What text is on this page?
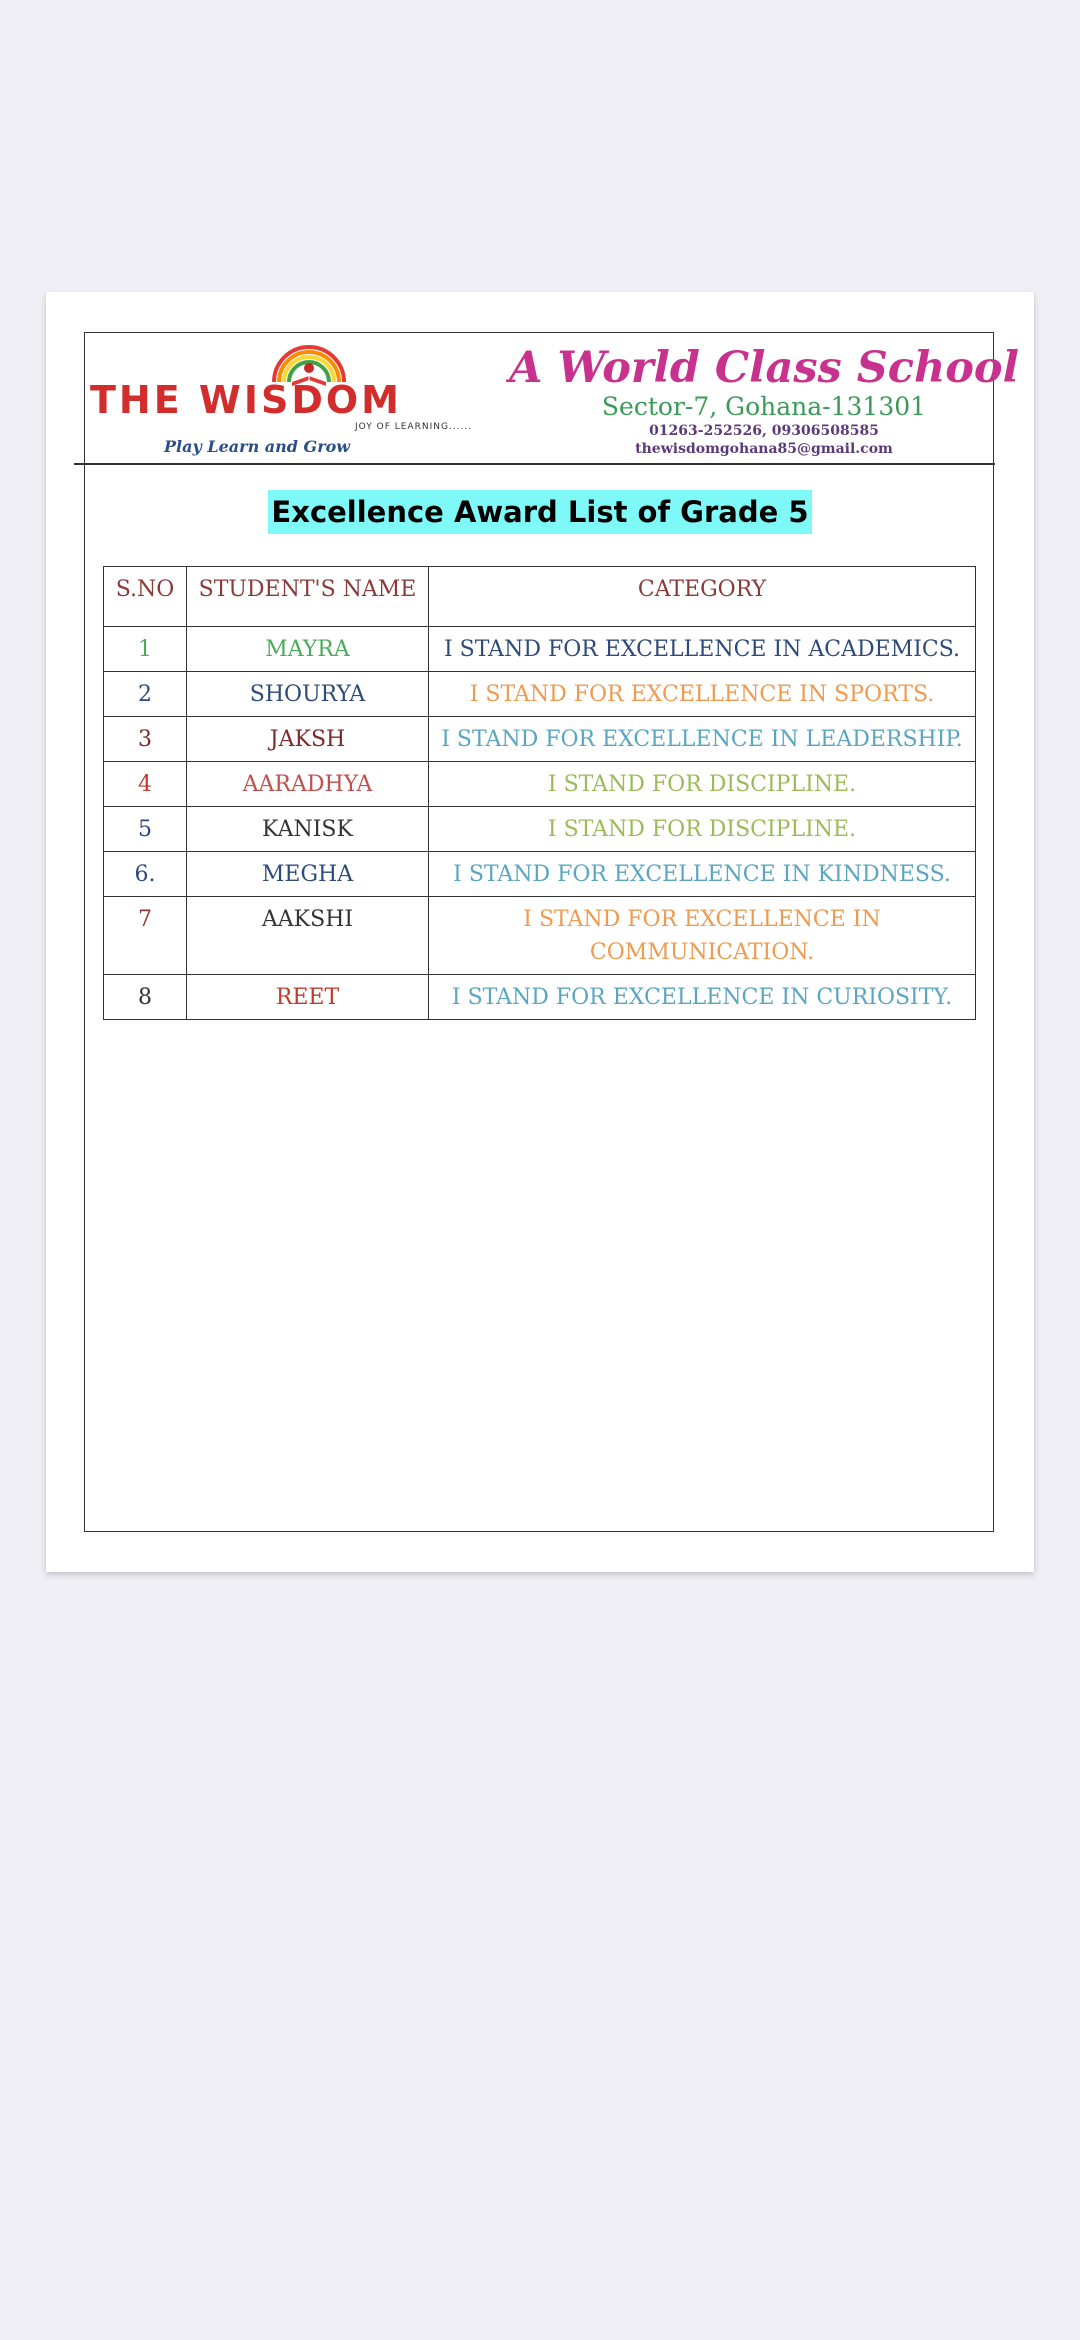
THE WISDOM
JOY OF LEARNING......
Play Learn and Grow
A World Class School
Sector-7, Gohana-131301
01263-252526, 09306508585
thewisdomgohana85@gmail.com
Excellence Award List of Grade 5
S.NO	STUDENT'S NAME	CATEGORY
1	MAYRA	I STAND FOR EXCELLENCE IN ACADEMICS.
2	SHOURYA	I STAND FOR EXCELLENCE IN SPORTS.
3	JAKSH	I STAND FOR EXCELLENCE IN LEADERSHIP.
4	AARADHYA	I STAND FOR DISCIPLINE.
5	KANISK	I STAND FOR DISCIPLINE.
6.	MEGHA	I STAND FOR EXCELLENCE IN KINDNESS.
7	AAKSHI	I STAND FOR EXCELLENCE IN COMMUNICATION.
8	REET	I STAND FOR EXCELLENCE IN CURIOSITY.
